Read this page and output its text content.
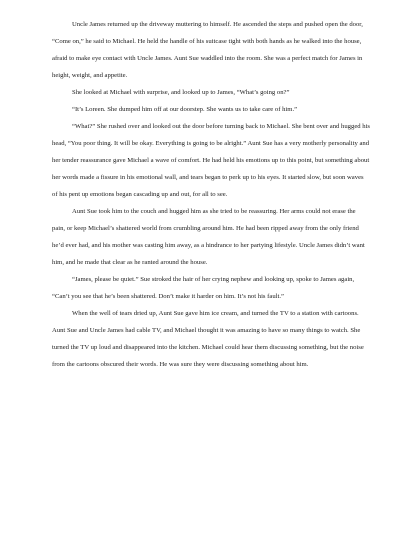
Uncle James returned up the driveway muttering to himself. He ascended the steps and pushed open the door, “Come on,” he said to Michael. He held the handle of his suitcase tight with both hands as he walked into the house, afraid to make eye contact with Uncle James. Aunt Sue waddled into the room. She was a perfect match for James in height, weight, and appetite.

She looked at Michael with surprise, and looked up to James, “What’s going on?”

“It’s Loreen. She dumped him off at our doorstep. She wants us to take care of him.”

“What?” She rushed over and looked out the door before turning back to Michael. She bent over and hugged his head, “You poor thing. It will be okay. Everything is going to be alright.” Aunt Sue has a very motherly personality and her tender reassurance gave Michael a wave of comfort. He had held his emotions up to this point, but something about her words made a fissure in his emotional wall, and tears began to perk up to his eyes. It started slow, but soon waves of his pent up emotions began cascading up and out, for all to see.

Aunt Sue took him to the couch and hugged him as she tried to be reassuring. Her arms could not erase the pain, or keep Michael’s shattered world from crumbling around him. He had been ripped away from the only friend he’d ever had, and his mother was casting him away, as a hindrance to her partying lifestyle. Uncle James didn’t want him, and he made that clear as he ranted around the house.

“James, please be quiet.” Sue stroked the hair of her crying nephew and looking up, spoke to James again, “Can’t you see that he’s been shattered. Don’t make it harder on him. It’s not his fault.”

When the well of tears dried up, Aunt Sue gave him ice cream, and turned the TV to a station with cartoons. Aunt Sue and Uncle James had cable TV, and Michael thought it was amazing to have so many things to watch. She turned the TV up loud and disappeared into the kitchen. Michael could hear them discussing something, but the noise from the cartoons obscured their words. He was sure they were discussing something about him.
